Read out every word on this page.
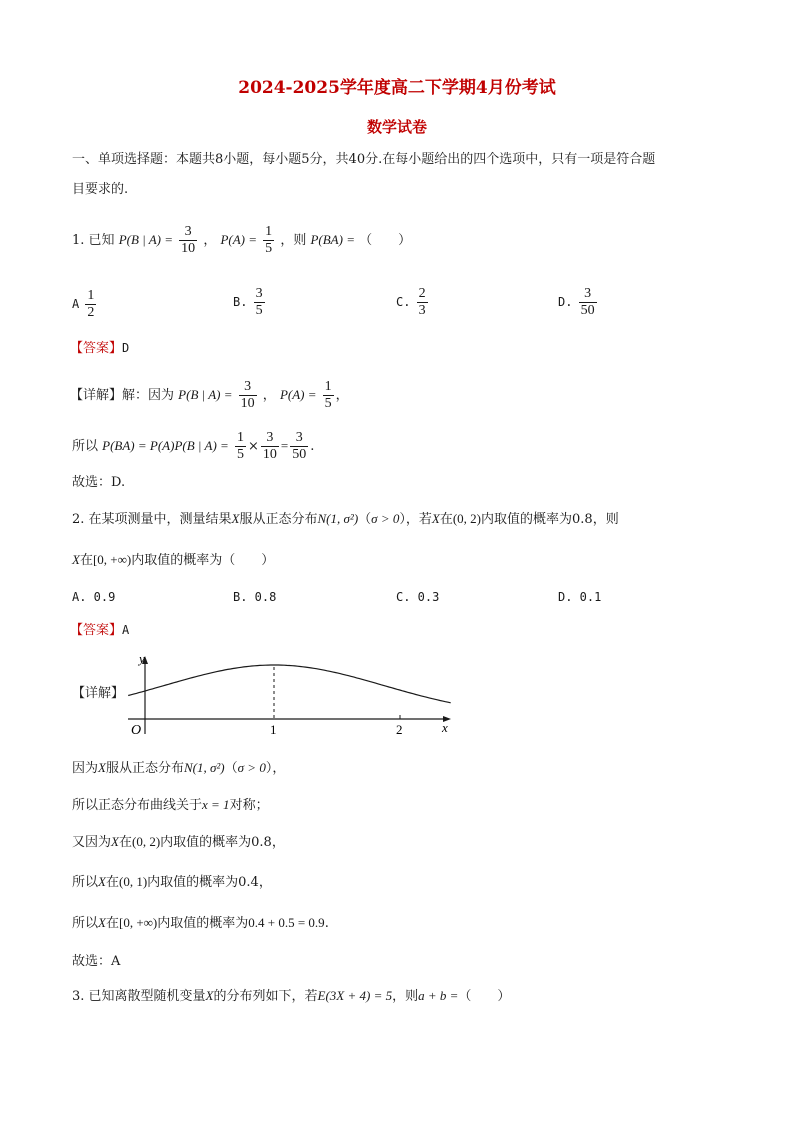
2024-2025学年度高二下学期4月份考试
数学试卷
一、单项选择题：本题共8小题，每小题5分，共40分.在每小题给出的四个选项中，只有一项是符合题
目要求的.
1. 已知 P(B | $A) = \frac{3}{10}$ ， $P(A) = \frac{1}{5}$ ，则 P(BA) = （　　）
A $\frac{1}{2}$	B. $\frac{3}{5}$	C. $\frac{2}{3}$	D. $\frac{3}{50}$
【答案】D
【详解】解：因为 P(B | $A) = \frac{3}{10}$ ， $P(A) = \frac{1}{5}$ ，
所以 P(BA) = P(A)P(B | $A) = \frac{1}{5} \times \frac{3}{10} = \frac{3}{50}$ .
故选：D.
2. 在某项测量中，测量结果X服从正态分布N(1, σ²)（σ > 0），若X在(0, 2)内取值的概率为0.8，则
X在[0, +∞)内取值的概率为（　　）
A. 0.9	B. 0.8	C. 0.3	D. 0.1
【答案】A
【详解】
y
x
O	1	2
因为X服从正态分布N(1, σ²)（σ > 0），
所以正态分布曲线关于x = 1对称；
又因为X在(0, 2)内取值的概率为0.8，
所以X在(0, 1)内取值的概率为0.4，
所以X在[0, +∞)内取值的概率为0.4 + 0.5 = 0.9.
故选：A
3. 已知离散型随机变量X的分布列如下，若E(3X + 4) = 5，则a + b =（　　）
